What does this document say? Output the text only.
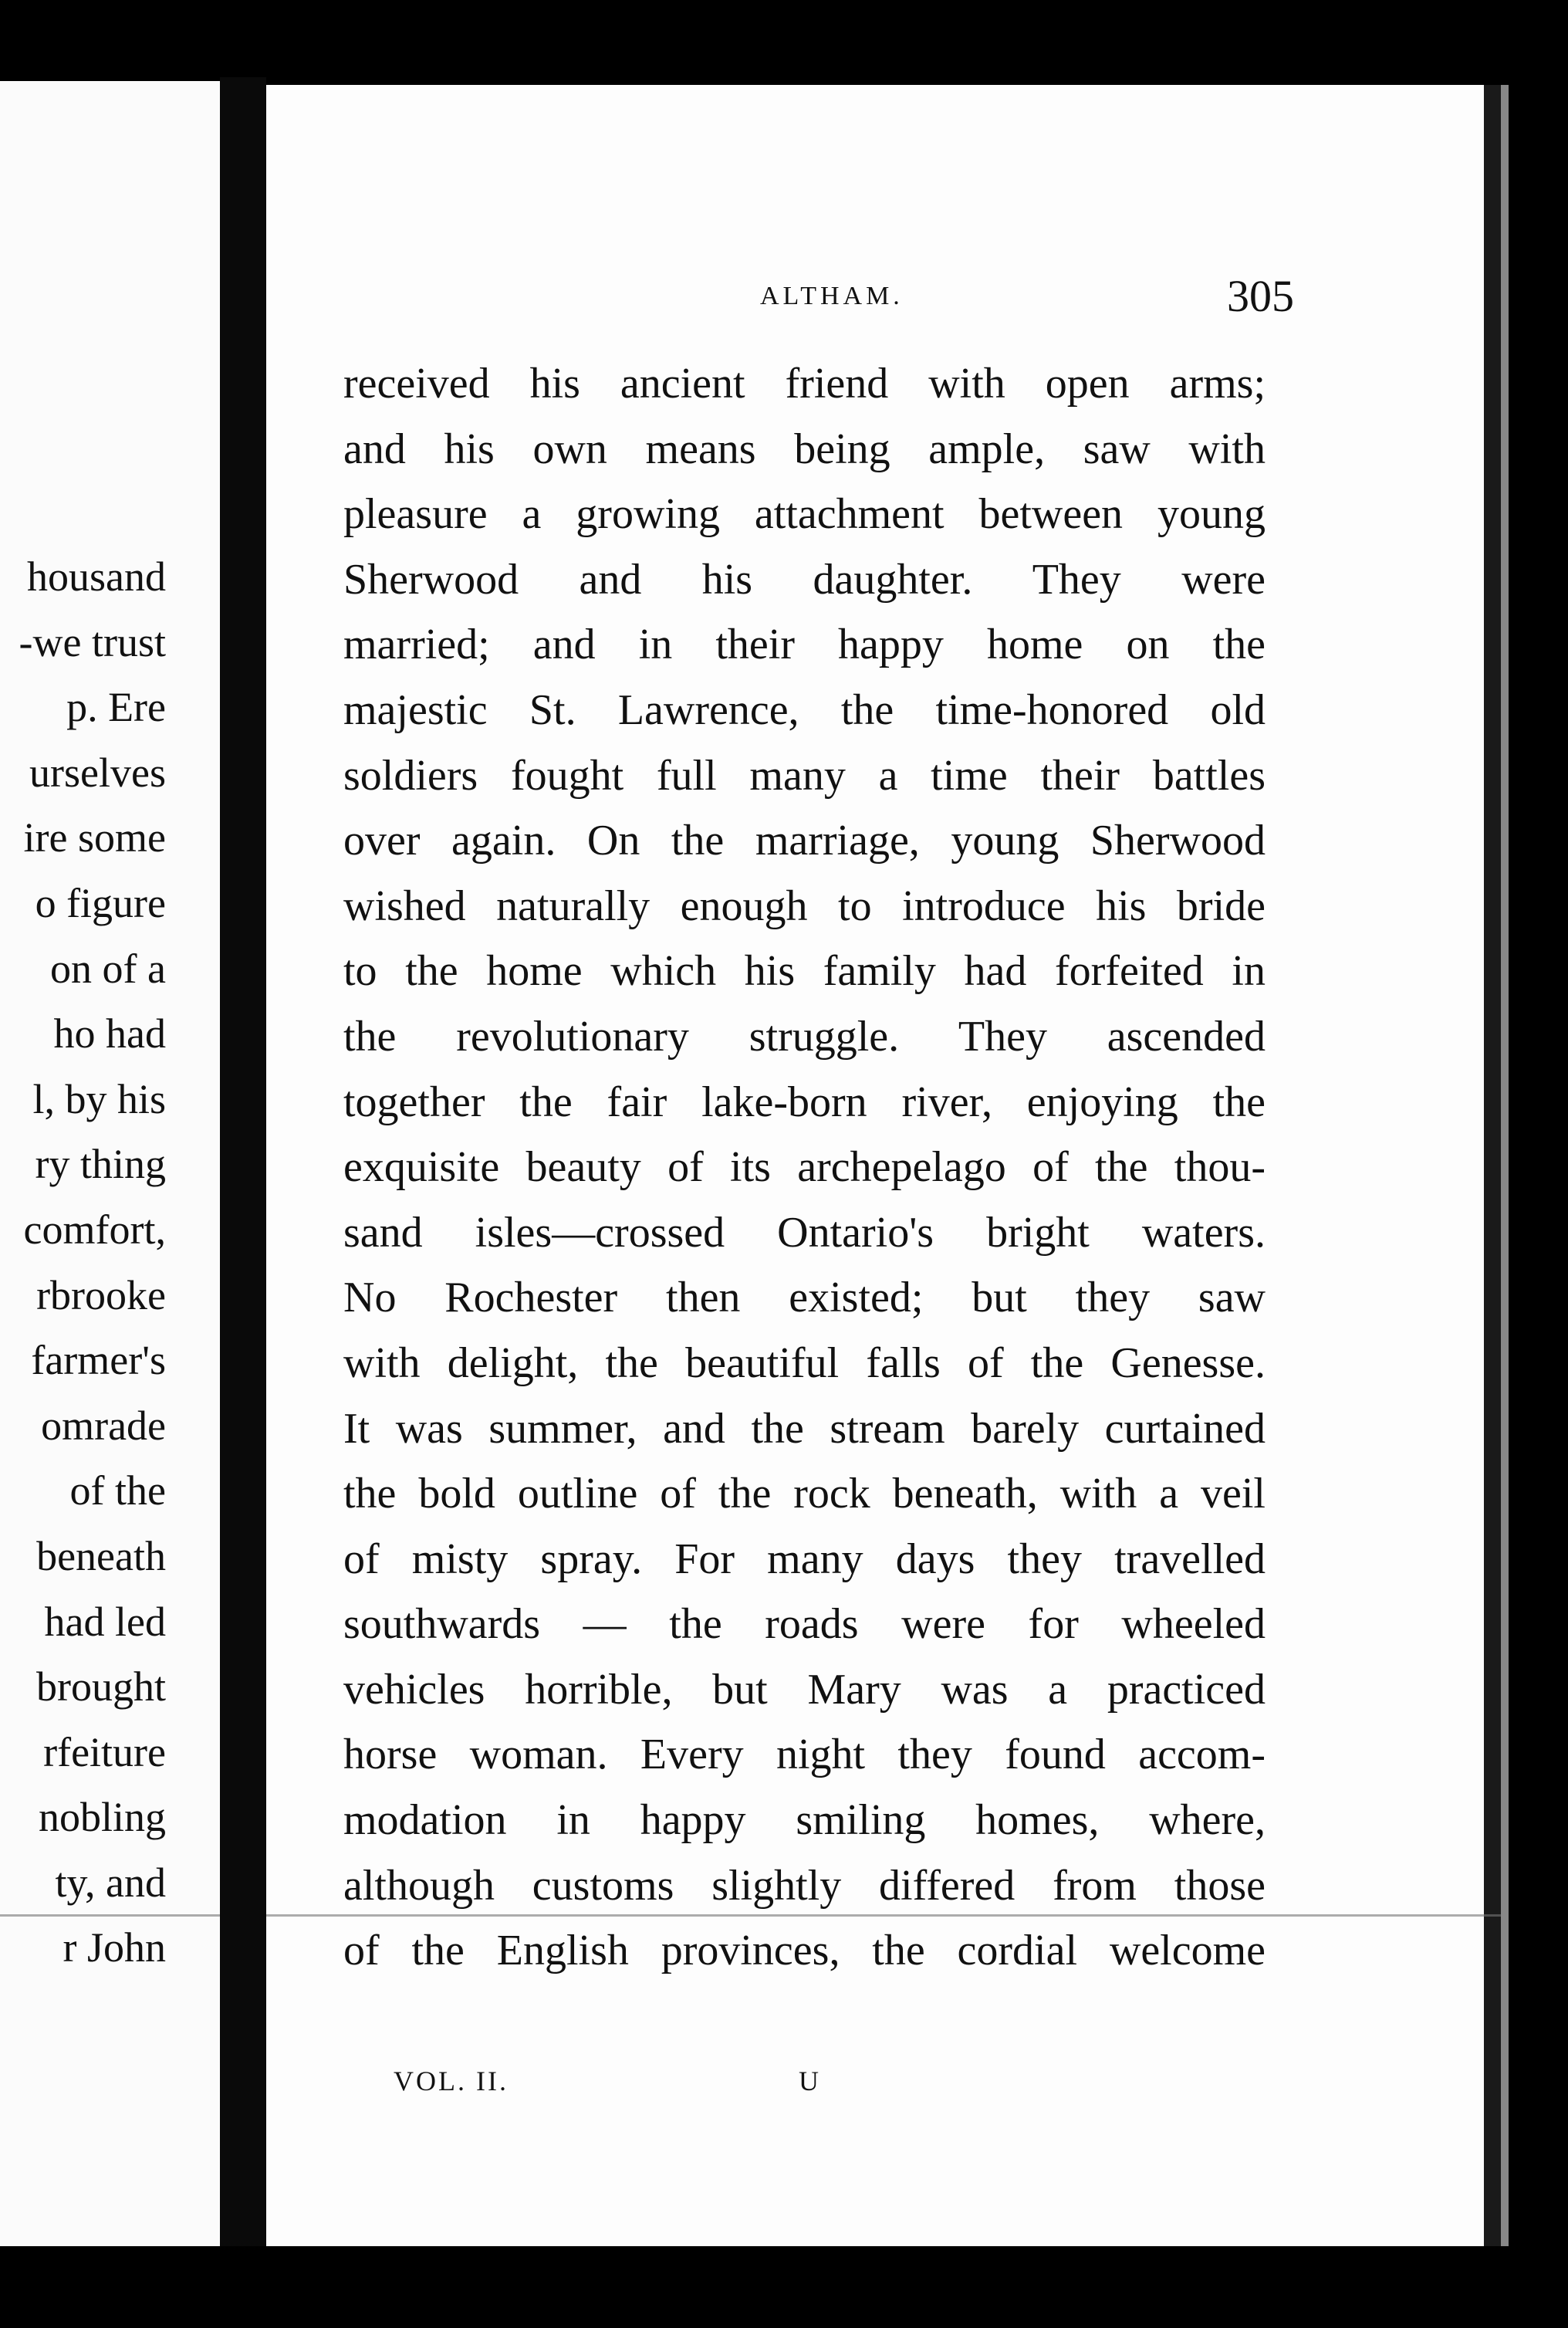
housand
-we trust
p. Ere
urselves
ire some
o figure
on of a
ho had
l, by his
ry thing
comfort,
rbrooke
farmer's
omrade
of the
beneath
had led
brought
rfeiture
nobling
ty, and
r John
ALTHAM.	305
received his ancient friend with open arms;
and his own means being ample, saw with
pleasure a growing attachment between young
Sherwood and his daughter. They were
married; and in their happy home on the
majestic St. Lawrence, the time-honored old
soldiers fought full many a time their battles
over again. On the marriage, young Sherwood
wished naturally enough to introduce his bride
to the home which his family had forfeited in
the revolutionary struggle. They ascended
together the fair lake-born river, enjoying the
exquisite beauty of its archepelago of the thou-
sand isles—crossed Ontario's bright waters.
No Rochester then existed; but they saw
with delight, the beautiful falls of the Genesse.
It was summer, and the stream barely curtained
the bold outline of the rock beneath, with a veil
of misty spray. For many days they travelled
southwards — the roads were for wheeled
vehicles horrible, but Mary was a practiced
horse woman. Every night they found accom-
modation in happy smiling homes, where,
although customs slightly differed from those
of the English provinces, the cordial welcome
VOL. II.	U
